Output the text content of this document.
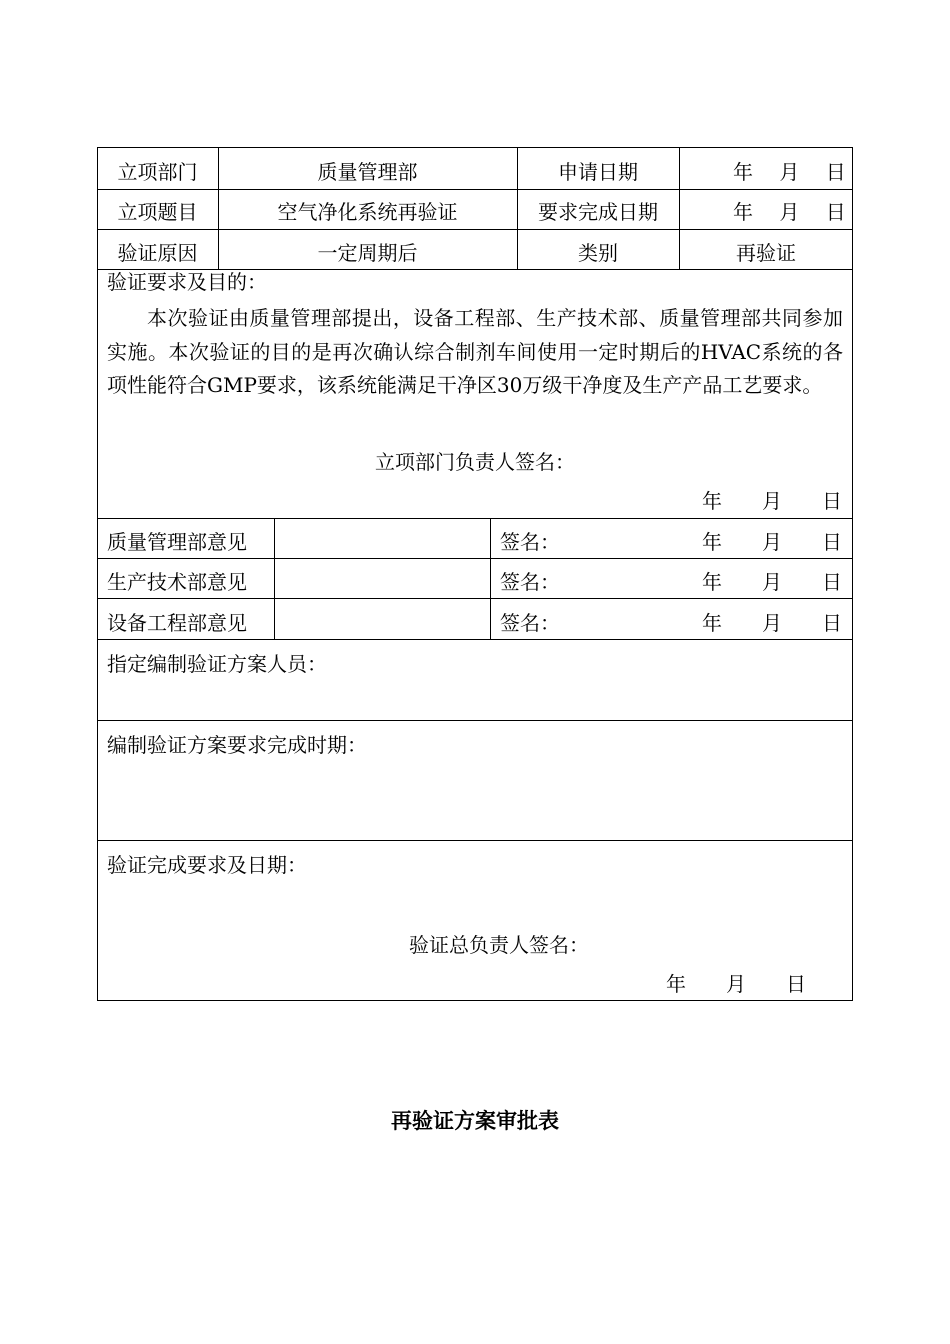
立项部门	质量管理部	申请日期	年　 月　 日
立项题目	空气净化系统再验证	要求完成日期	年　 月　 日
验证原因	一定周期后	类别	再验证
验证要求及目的：

本次验证由质量管理部提出，设备工程部、生产技术部、质量管理部共同参加实施。本次验证的目的是再次确认综合制剂车间使用一定时期后的HVAC系统的各项性能符合GMP要求，该系统能满足干净区30万级干净度及生产产品工艺要求。

立项部门负责人签名：
年　　月　　日
质量管理部意见	签名：	年　　月　　日
生产技术部意见	签名：	年　　月　　日
设备工程部意见	签名：	年　　月　　日
指定编制验证方案人员：
编制验证方案要求完成时期：
验证完成要求及日期：
验证总负责人签名：
年　　月　　日
再验证方案审批表
